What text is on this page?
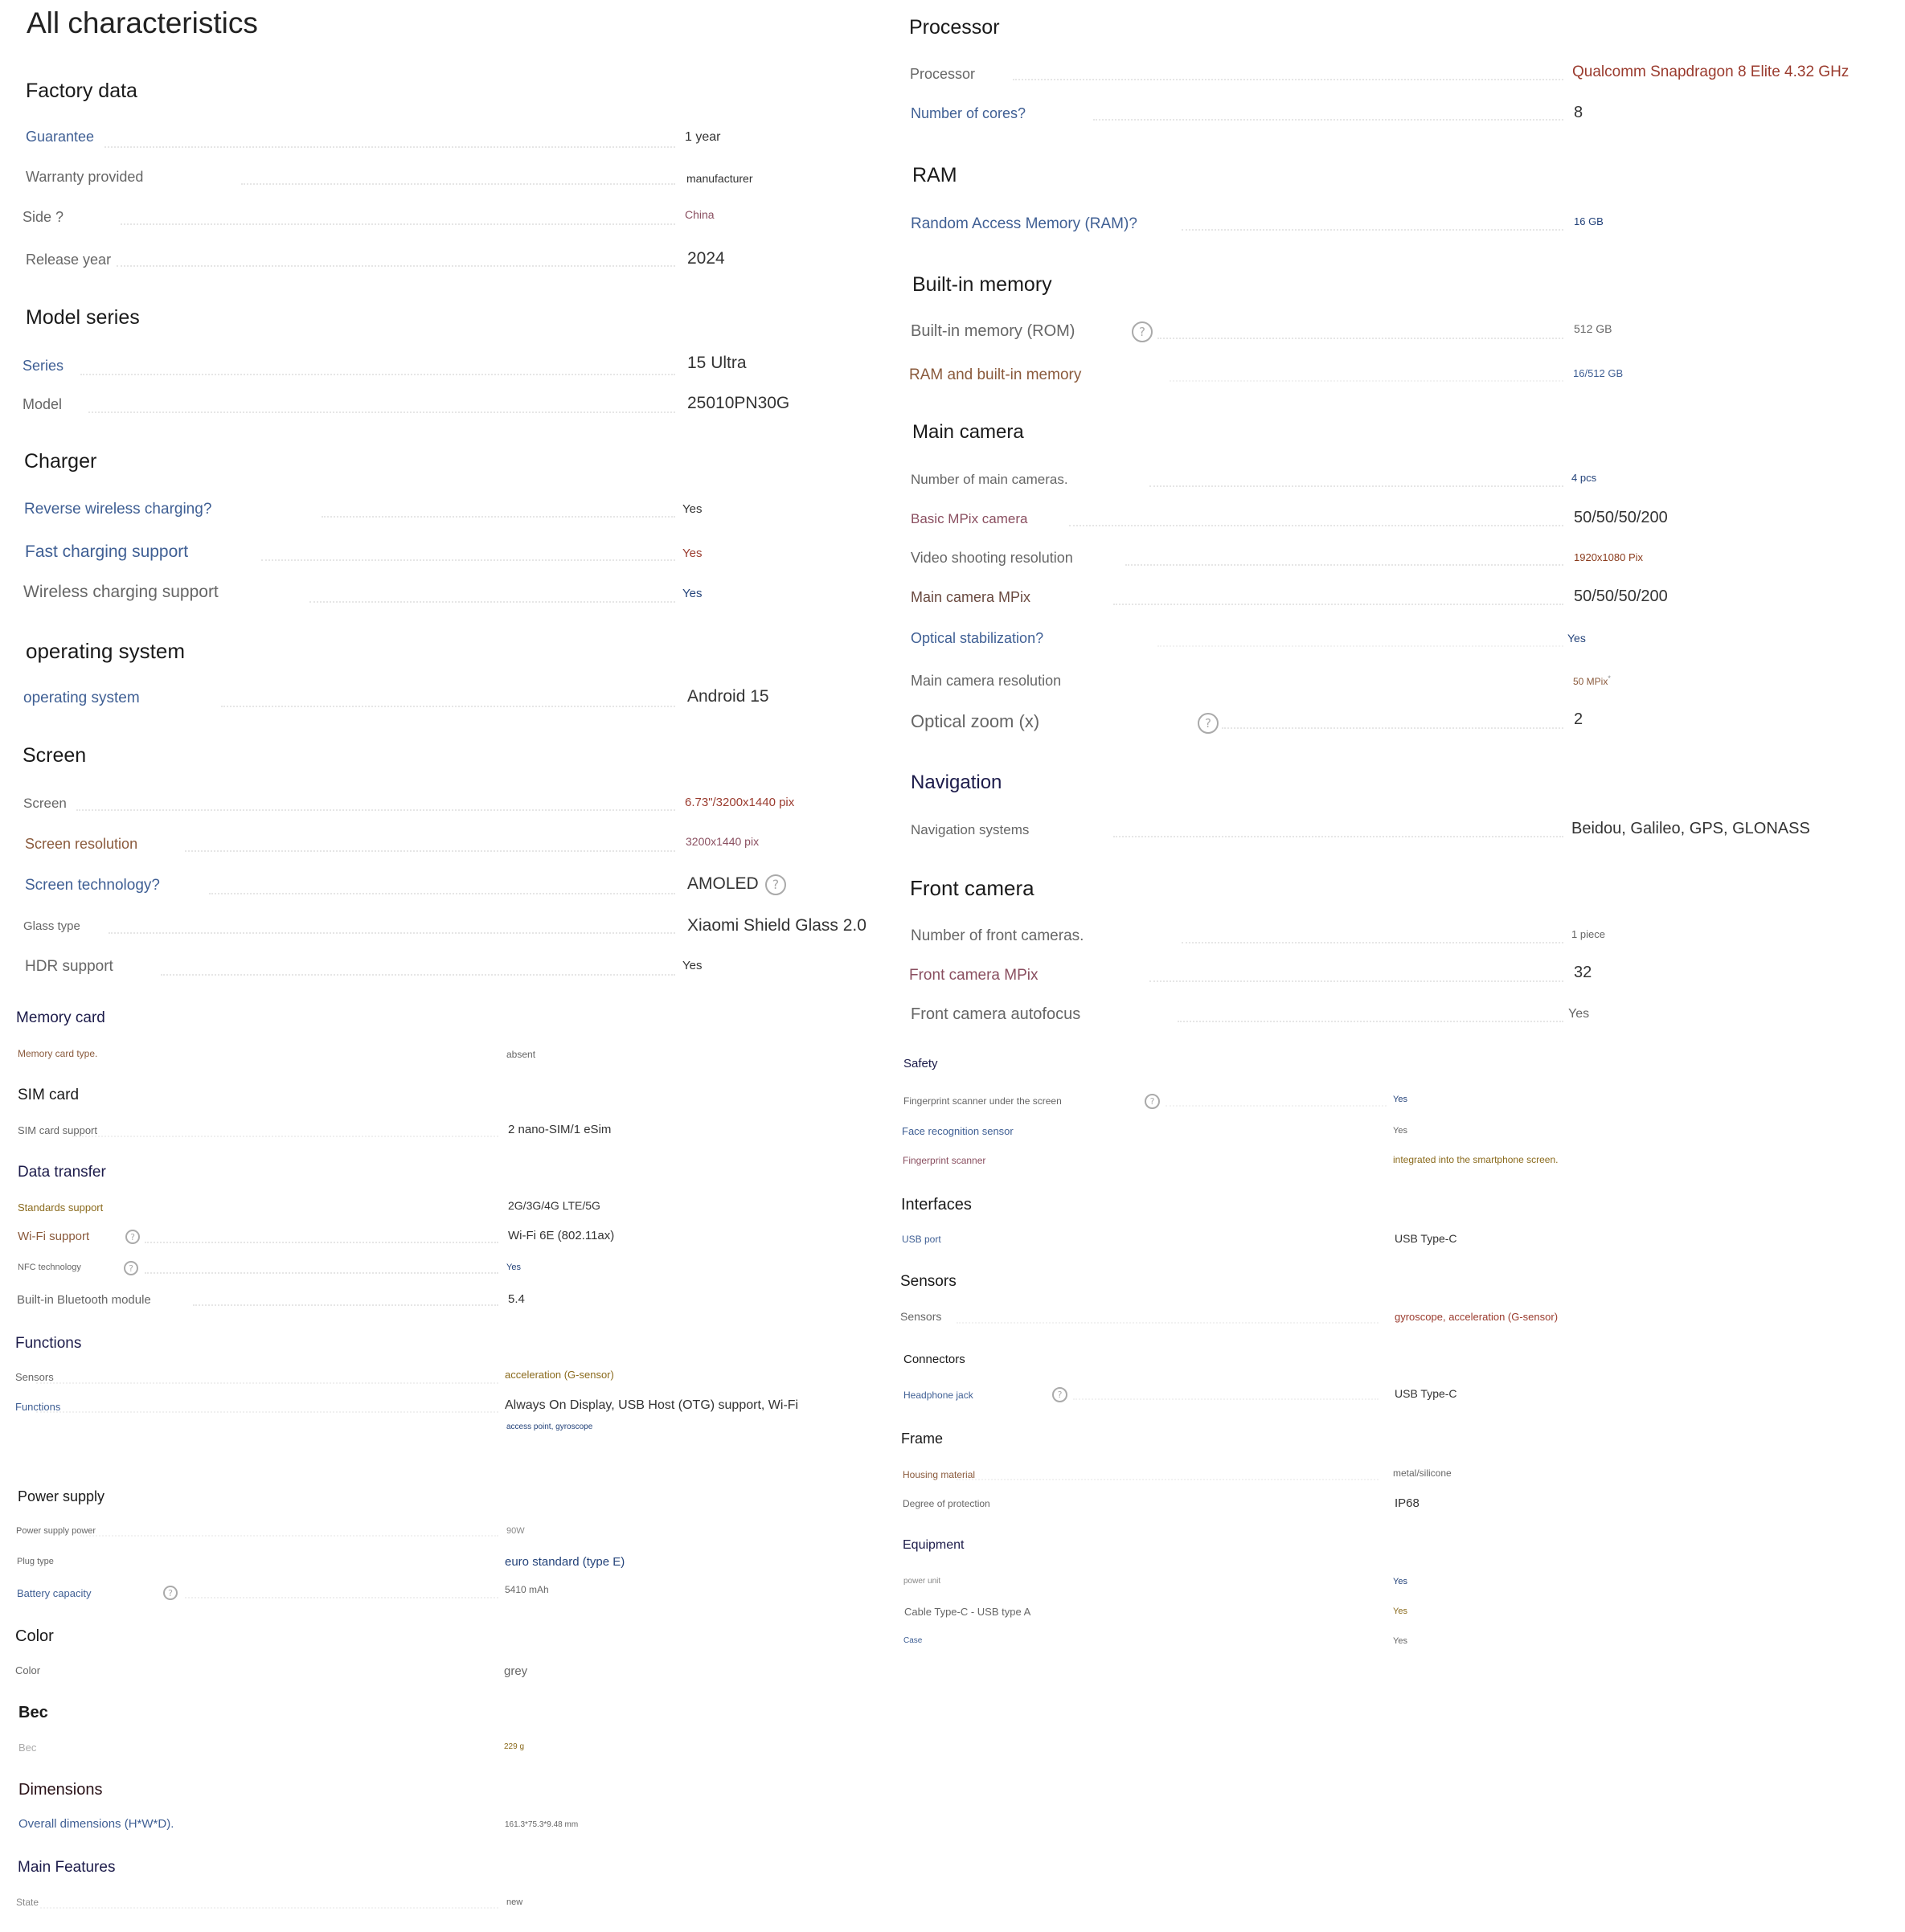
All characteristics
Factory data
Guarantee	1 year
Warranty provided	manufacturer
Side ?	China
Release year	2024
Model series
Series	15 Ultra
Model	25010PN30G
Charger
Reverse wireless charging?	Yes
Fast charging support	Yes
Wireless charging support	Yes
operating system
operating system	Android 15
Screen
Screen	6.73"/3200x1440 pix
Screen resolution	3200x1440 pix
Screen technology?	AMOLED	?
Glass type	Xiaomi Shield Glass 2.0
HDR support	Yes
Memory card
Memory card type.	absent
SIM card
SIM card support	2 nano-SIM/1 eSim
Data transfer
Standards support	2G/3G/4G LTE/5G
Wi-Fi support	?	Wi-Fi 6E (802.11ax)
NFC technology	?	Yes
Built-in Bluetooth module	5.4
Functions
Sensors	acceleration (G-sensor)
Functions	Always On Display, USB Host (OTG) support, Wi-Fi
access point, gyroscope
Power supply
Power supply power	90W
Plug type	euro standard (type E)
Battery capacity	?	5410 mAh
Color
Color	grey
Bec
Bec	229 g
Dimensions
Overall dimensions (H*W*D).	161.3*75.3*9.48 mm
Main Features
State	new
Processor
Processor	Qualcomm Snapdragon 8 Elite 4.32 GHz
Number of cores?	8
RAM
Random Access Memory (RAM)?	16 GB
Built-in memory
Built-in memory (ROM)	?	512 GB
RAM and built-in memory	16/512 GB
Main camera
Number of main cameras.	4 pcs
Basic MPix camera	50/50/50/200
Video shooting resolution	1920x1080 Pix
Main camera MPix	50/50/50/200
Optical stabilization?	Yes
Main camera resolution	50 MPix*
Optical zoom (x)	?	2
Navigation
Navigation systems	Beidou, Galileo, GPS, GLONASS
Front camera
Number of front cameras.	1 piece
Front camera MPix	32
Front camera autofocus	Yes
Safety
Fingerprint scanner under the screen	?	Yes
Face recognition sensor	Yes
Fingerprint scanner	integrated into the smartphone screen.
Interfaces
USB port	USB Type-C
Sensors
Sensors	gyroscope, acceleration (G-sensor)
Connectors
Headphone jack	?	USB Type-C
Frame
Housing material	metal/silicone
Degree of protection	IP68
Equipment
power unit	Yes
Cable Type-C - USB type A	Yes
Case	Yes
